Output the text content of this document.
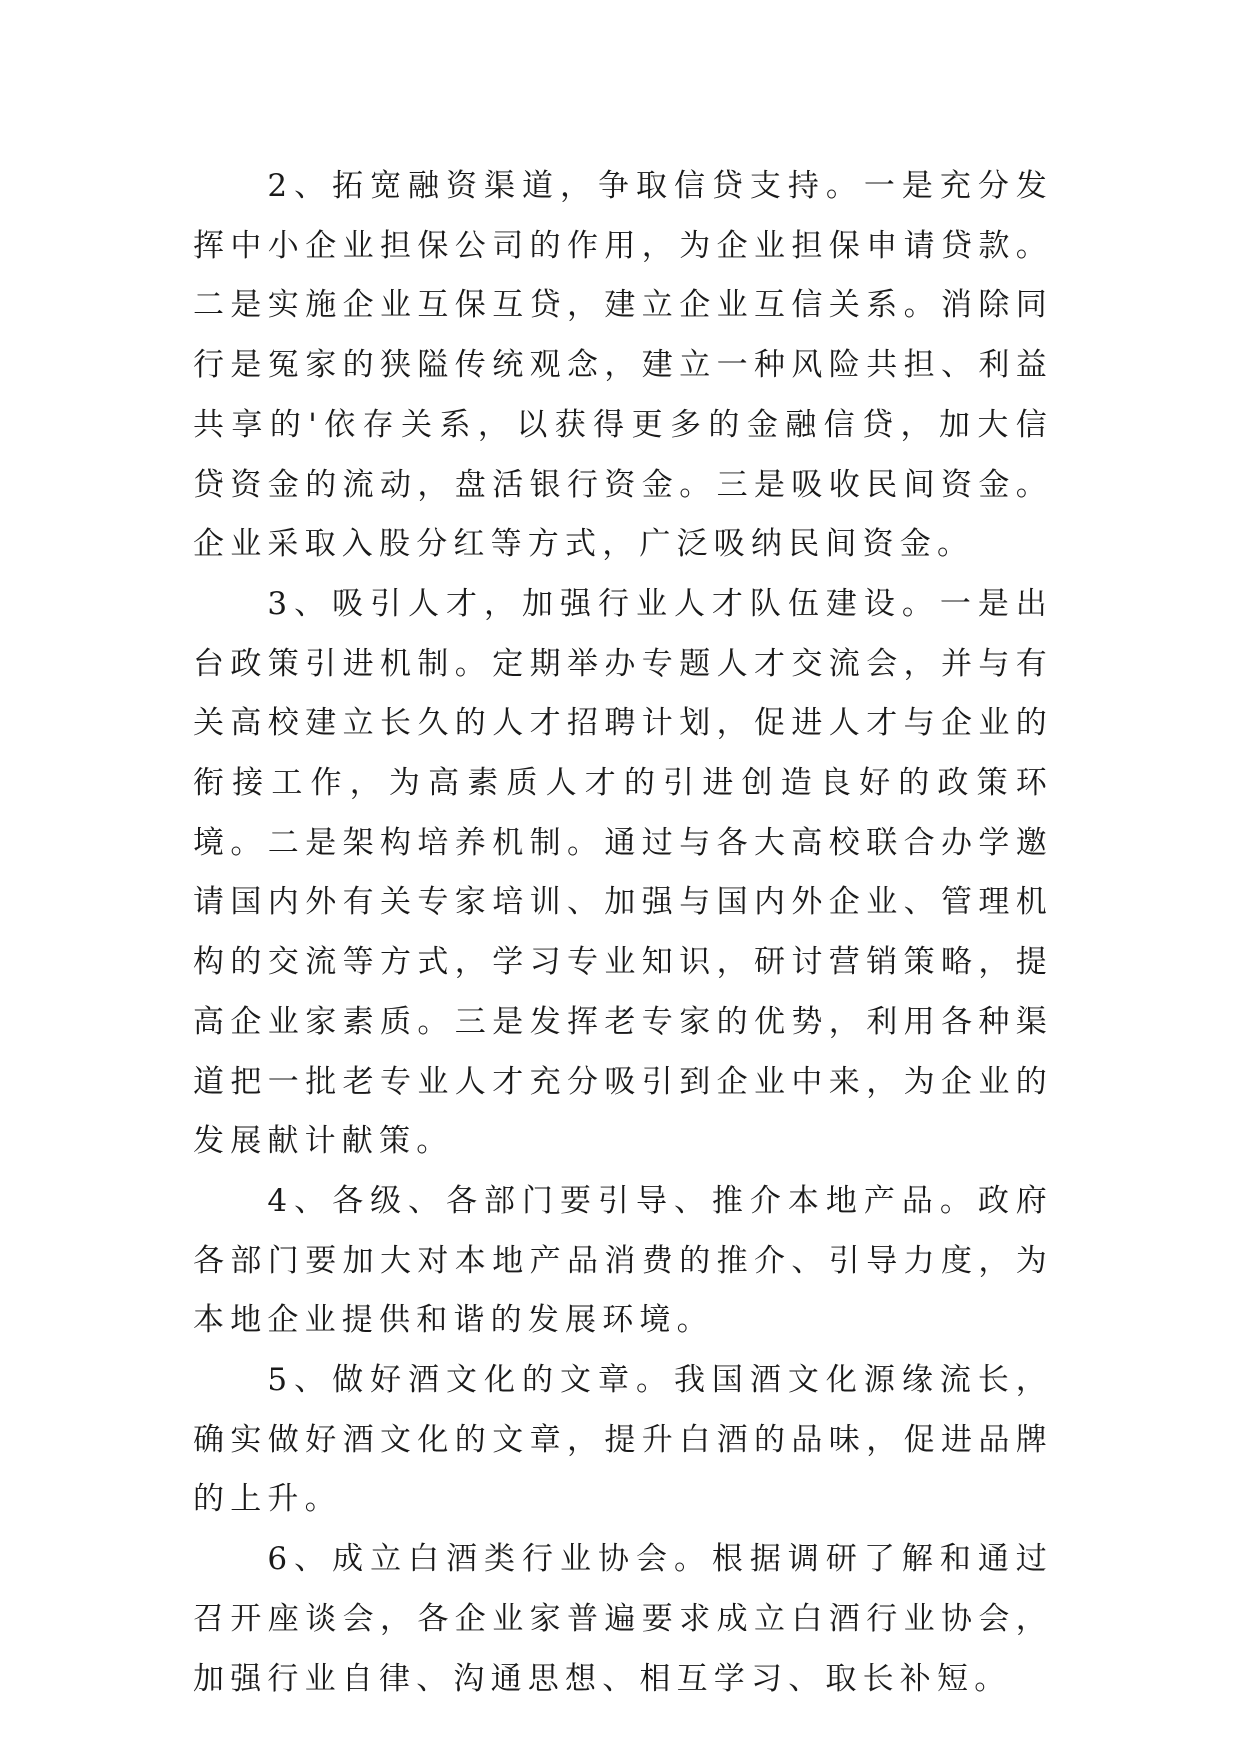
2、拓宽融资渠道，争取信贷支持。一是充分发挥中小企业担保公司的作用，为企业担保申请贷款。二是实施企业互保互贷，建立企业互信关系。消除同行是冤家的狭隘传统观念，建立一种风险共担、利益共享的'依存关系，以获得更多的金融信贷，加大信贷资金的流动，盘活银行资金。三是吸收民间资金。企业采取入股分红等方式，广泛吸纳民间资金。

3、吸引人才，加强行业人才队伍建设。一是出台政策引进机制。定期举办专题人才交流会，并与有关高校建立长久的人才招聘计划，促进人才与企业的衔接工作，为高素质人才的引进创造良好的政策环境。二是架构培养机制。通过与各大高校联合办学邀请国内外有关专家培训、加强与国内外企业、管理机构的交流等方式，学习专业知识，研讨营销策略，提高企业家素质。三是发挥老专家的优势，利用各种渠道把一批老专业人才充分吸引到企业中来，为企业的发展献计献策。

4、各级、各部门要引导、推介本地产品。政府各部门要加大对本地产品消费的推介、引导力度，为本地企业提供和谐的发展环境。

5、做好酒文化的文章。我国酒文化源缘流长，确实做好酒文化的文章，提升白酒的品味，促进品牌的上升。

6、成立白酒类行业协会。根据调研了解和通过召开座谈会，各企业家普遍要求成立白酒行业协会，加强行业自律、沟通思想、相互学习、取长补短。
